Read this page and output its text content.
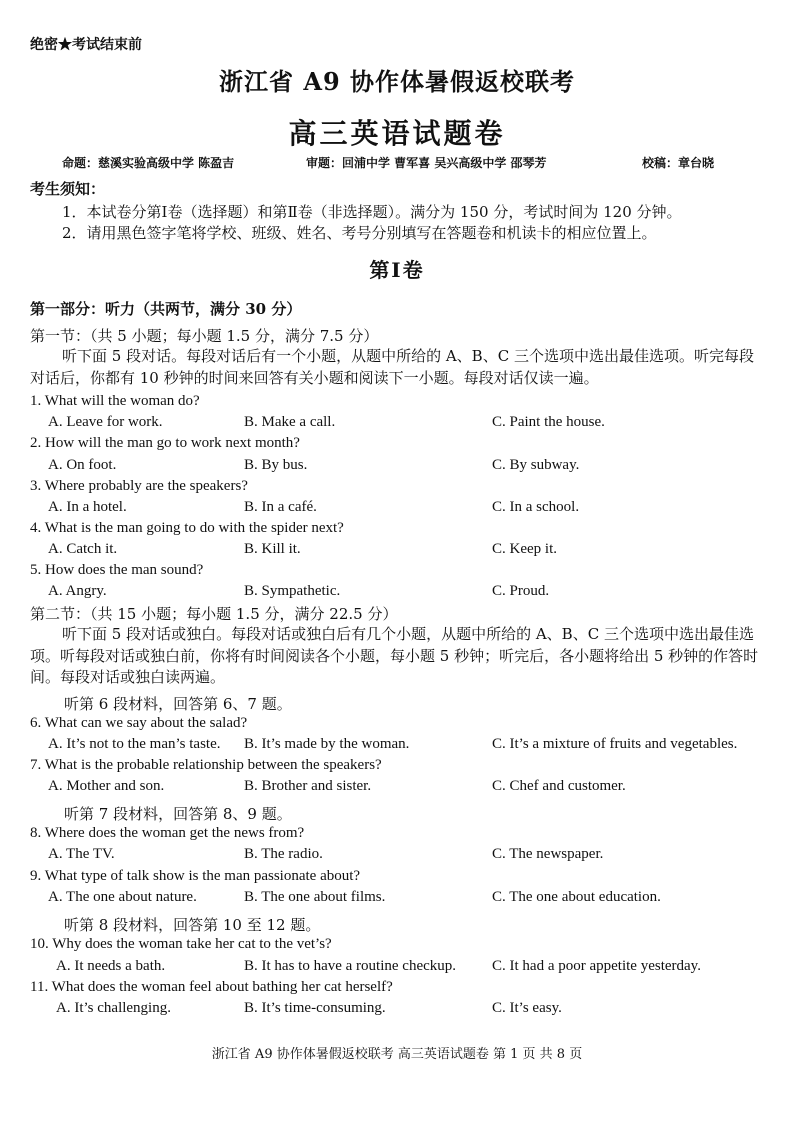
绝密★考试结束前
浙江省 A9 协作体暑假返校联考
高三英语试题卷
命题：慈溪实验高级中学 陈盈吉	审题：回浦中学 曹军喜 吴兴高级中学 邵琴芳	校稿：章台晓
考生须知：
1．本试卷分第Ⅰ卷（选择题）和第Ⅱ卷（非选择题）。满分为 150 分，考试时间为 120 分钟。
2．请用黑色签字笔将学校、班级、姓名、考号分别填写在答题卷和机读卡的相应位置上。
第Ⅰ卷
第一部分：听力（共两节，满分 30 分）
第一节：（共 5 小题；每小题 1.5 分，满分 7.5 分）
听下面 5 段对话。每段对话后有一个小题，从题中所给的 A、B、C 三个选项中选出最佳选项。听完每段对话后，你都有 10 秒钟的时间来回答有关小题和阅读下一小题。每段对话仅读一遍。
1. What will the woman do?
A. Leave for work.	B. Make a call.	C. Paint the house.
2. How will the man go to work next month?
A. On foot.	B. By bus.	C. By subway.
3. Where probably are the speakers?
A. In a hotel.	B. In a café.	C. In a school.
4. What is the man going to do with the spider next?
A. Catch it.	B. Kill it.	C. Keep it.
5. How does the man sound?
A. Angry.	B. Sympathetic.	C. Proud.
第二节：（共 15 小题；每小题 1.5 分，满分 22.5 分）
听下面 5 段对话或独白。每段对话或独白后有几个小题，从题中所给的 A、B、C 三个选项中选出最佳选项。听每段对话或独白前，你将有时间阅读各个小题，每小题 5 秒钟；听完后，各小题将给出 5 秒钟的作答时间。每段对话或独白读两遍。
听第 6 段材料，回答第 6、7 题。
6. What can we say about the salad?
A. It’s not to the man’s taste. B. It’s made by the woman.	C. It’s a mixture of fruits and vegetables.
7. What is the probable relationship between the speakers?
A. Mother and son.	B. Brother and sister.	C. Chef and customer.
听第 7 段材料，回答第 8、9 题。
8. Where does the woman get the news from?
A. The TV.	B. The radio.	C. The newspaper.
9. What type of talk show is the man passionate about?
A. The one about nature.	B. The one about films.	C. The one about education.
听第 8 段材料，回答第 10 至 12 题。
10. Why does the woman take her cat to the vet’s?
A. It needs a bath.	B. It has to have a routine checkup. C. It had a poor appetite yesterday.
11. What does the woman feel about bathing her cat herself?
A. It’s challenging.	B. It’s time-consuming.	C. It’s easy.
浙江省 A9 协作体暑假返校联考 高三英语试题卷 第 1 页 共 8 页
